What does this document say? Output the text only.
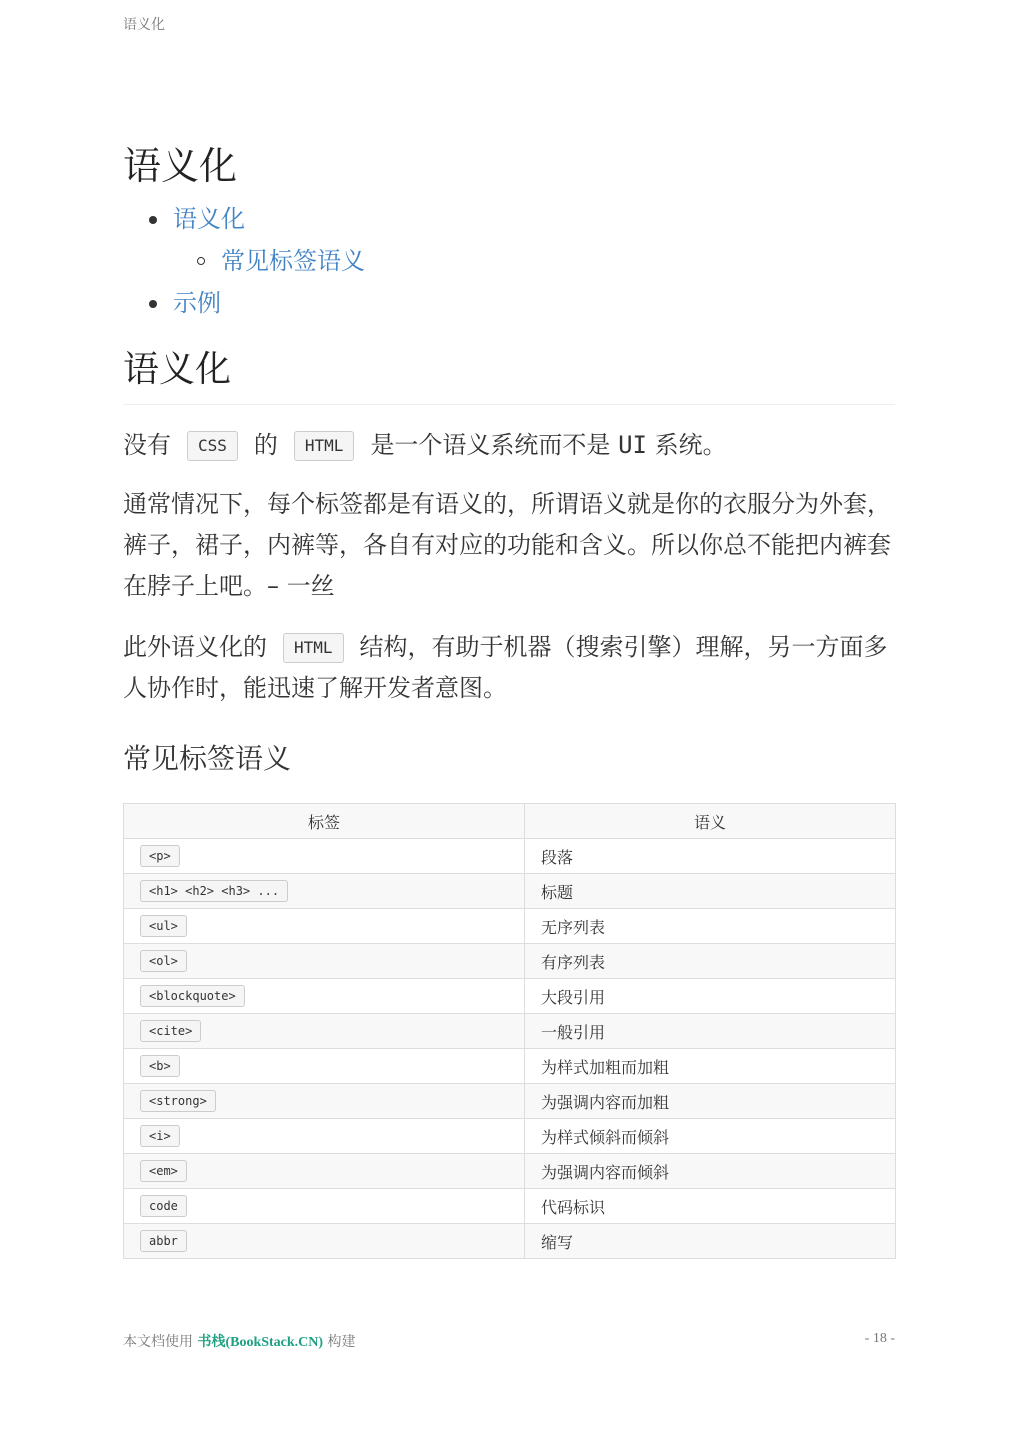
语义化
语义化
语义化
常见标签语义
示例
语义化

没有 CSS 的 HTML 是一个语义系统而不是 UI 系统。

通常情况下，每个标签都是有语义的，所谓语义就是你的衣服分为外套， 裤子，裙子，内裤等，各自有对应的功能和含义。所以你总不能把内裤套在脖子上吧。– 一丝

此外语义化的 HTML 结构，有助于机器（搜索引擎）理解，另一方面多人协作时，能迅速了解开发者意图。

常见标签语义
标签	语义
<p>	段落
<h1> <h2> <h3> ...	标题
<ul>	无序列表
<ol>	有序列表
<blockquote>	大段引用
<cite>	一般引用
<b>	为样式加粗而加粗
<strong>	为强调内容而加粗
<i>	为样式倾斜而倾斜
<em>	为强调内容而倾斜
code	代码标识
abbr	缩写
本文档使用 书栈(BookStack.CN) 构建	- 18 -
